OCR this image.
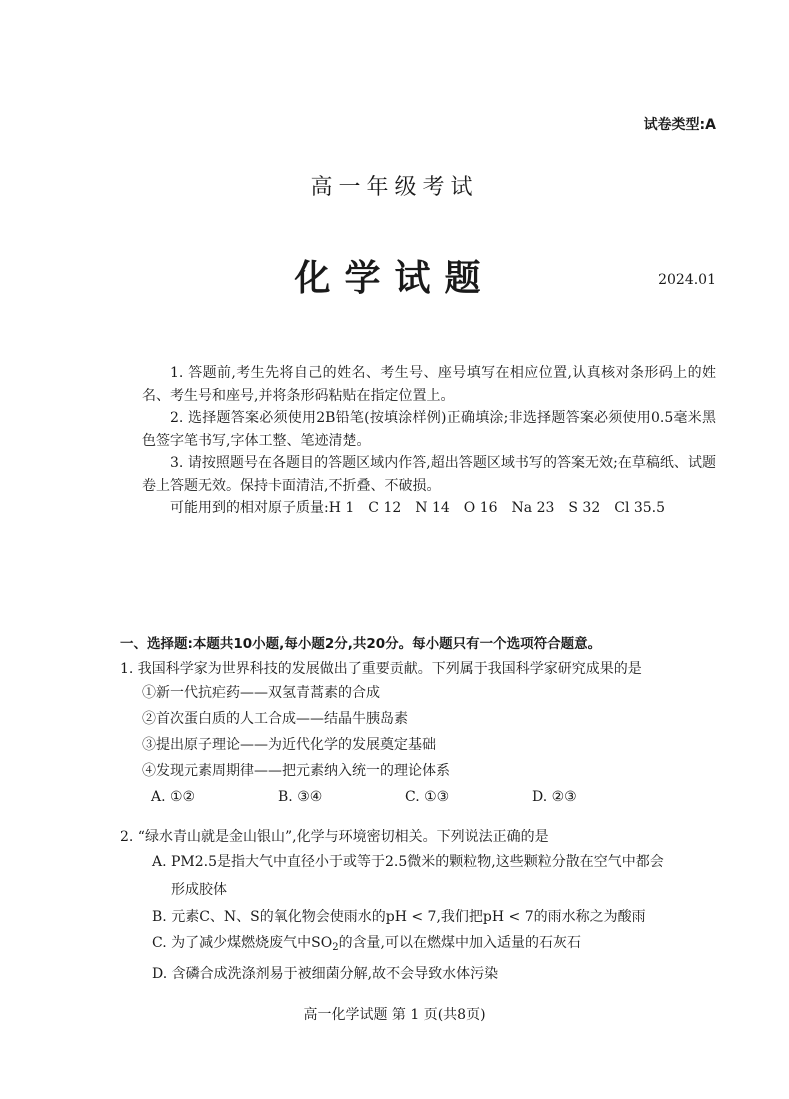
试卷类型:A
高一年级考试
化学试题	2024.01

1. 答题前,考生先将自己的姓名、考生号、座号填写在相应位置,认真核对条形码上的姓名、考生号和座号,并将条形码粘贴在指定位置上。

2. 选择题答案必须使用2B铅笔(按填涂样例)正确填涂;非选择题答案必须使用0.5毫米黑色签字笔书写,字体工整、笔迹清楚。

3. 请按照题号在各题目的答题区域内作答,超出答题区域书写的答案无效;在草稿纸、试题卷上答题无效。保持卡面清洁,不折叠、不破损。

可能用到的相对原子质量:H 1　C 12　N 14　O 16　Na 23　S 32　Cl 35.5
一、选择题:本题共10小题,每小题2分,共20分。每小题只有一个选项符合题意。
1. 我国科学家为世界科技的发展做出了重要贡献。下列属于我国科学家研究成果的是
①新一代抗疟药——双氢青蒿素的合成
②首次蛋白质的人工合成——结晶牛胰岛素
③提出原子理论——为近代化学的发展奠定基础
④发现元素周期律——把元素纳入统一的理论体系
A. ①②	B. ③④	C. ①③	D. ②③
2. “绿水青山就是金山银山”,化学与环境密切相关。下列说法正确的是
A. PM2.5是指大气中直径小于或等于2.5微米的颗粒物,这些颗粒分散在空气中都会
形成胶体
B. 元素C、N、S的氧化物会使雨水的pH < 7,我们把pH < 7的雨水称之为酸雨
C. 为了减少煤燃烧废气中$SO_2$的含量,可以在燃煤中加入适量的石灰石
D. 含磷合成洗涤剂易于被细菌分解,故不会导致水体污染
高一化学试题 第 1 页(共8页)
